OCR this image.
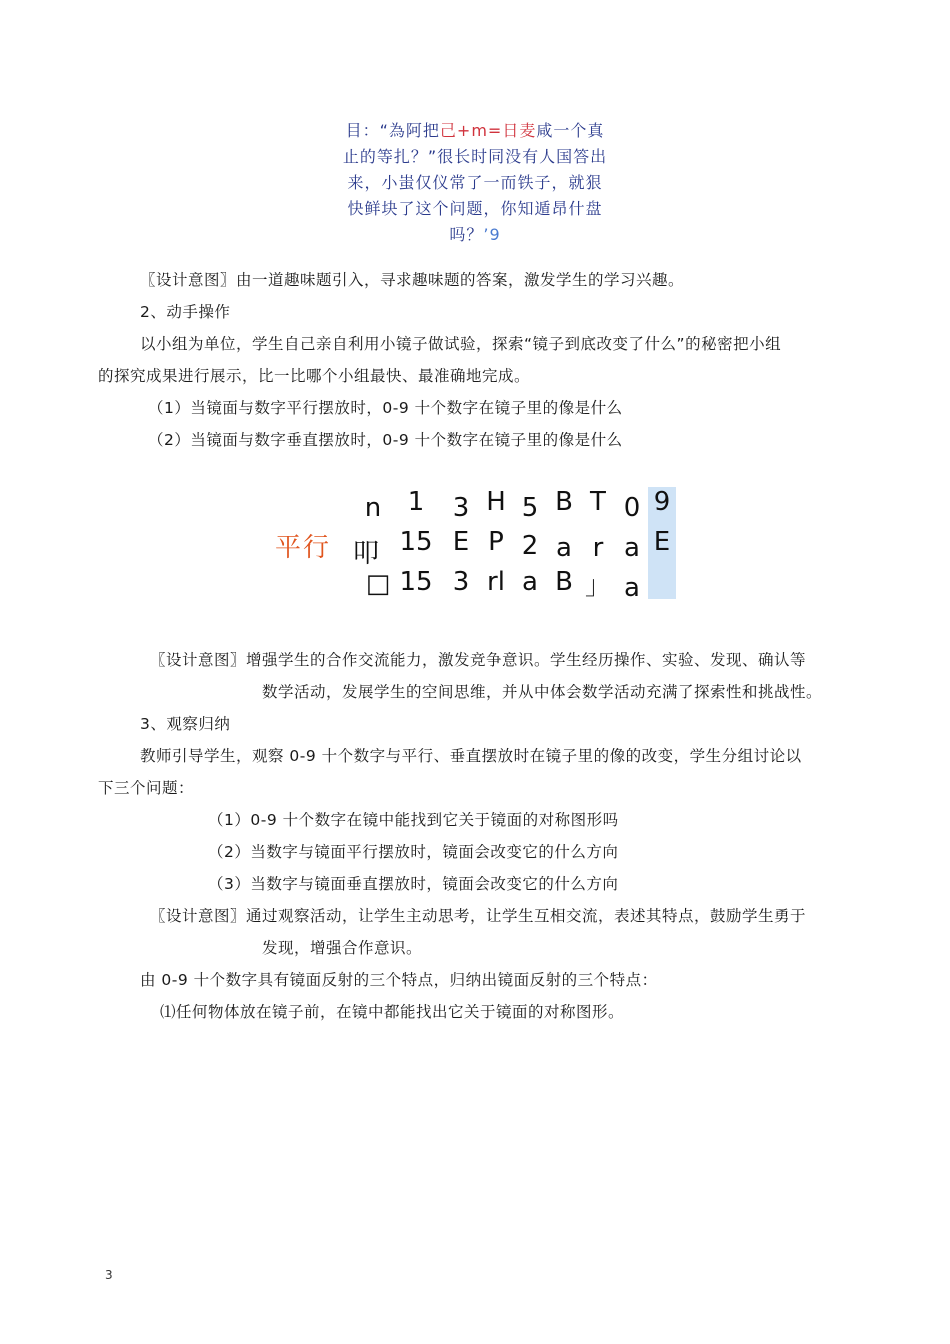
目：“為阿把己+m=日麦咸一个真
止的等扎？”很长时同没有人国答出
来，小蚩仅仪常了一而铁子，就狠
快鲜块了这个问题，你知遁昂什盘
吗？’9
〖设计意图〗由一道趣味题引入，寻求趣味题的答案，激发学生的学习兴趣。
2、动手操作
以小组为单位，学生自己亲自利用小镜子做试验，探索“镜子到底改变了什么”的秘密把小组
的探究成果进行展示，比一比哪个小组最快、最准确地完成。
（1）当镜面与数字平行摆放时，0-9 十个数字在镜子里的像是什么
（2）当镜面与数字垂直摆放时，0-9 十个数字在镜子里的像是什么
平行
n	1	3 H 5 B T 0 9
叩 15 E P 2 a r a E
□ 15 3 rl a B 」 a
〖设计意图〗增强学生的合作交流能力，激发竞争意识。学生经历操作、实验、发现、确认等
数学活动，发展学生的空间思维，并从中体会数学活动充满了探索性和挑战性。
3、观察归纳
教师引导学生，观察 0-9 十个数字与平行、垂直摆放时在镜子里的像的改变，学生分组讨论以
下三个问题：
（1）0-9 十个数字在镜中能找到它关于镜面的对称图形吗
（2）当数字与镜面平行摆放时，镜面会改变它的什么方向
（3）当数字与镜面垂直摆放时，镜面会改变它的什么方向
〖设计意图〗通过观察活动，让学生主动思考，让学生互相交流，表述其特点，鼓励学生勇于
发现，增强合作意识。
由 0-9 十个数字具有镜面反射的三个特点，归纳出镜面反射的三个特点：
⑴任何物体放在镜子前，在镜中都能找出它关于镜面的对称图形。
3
